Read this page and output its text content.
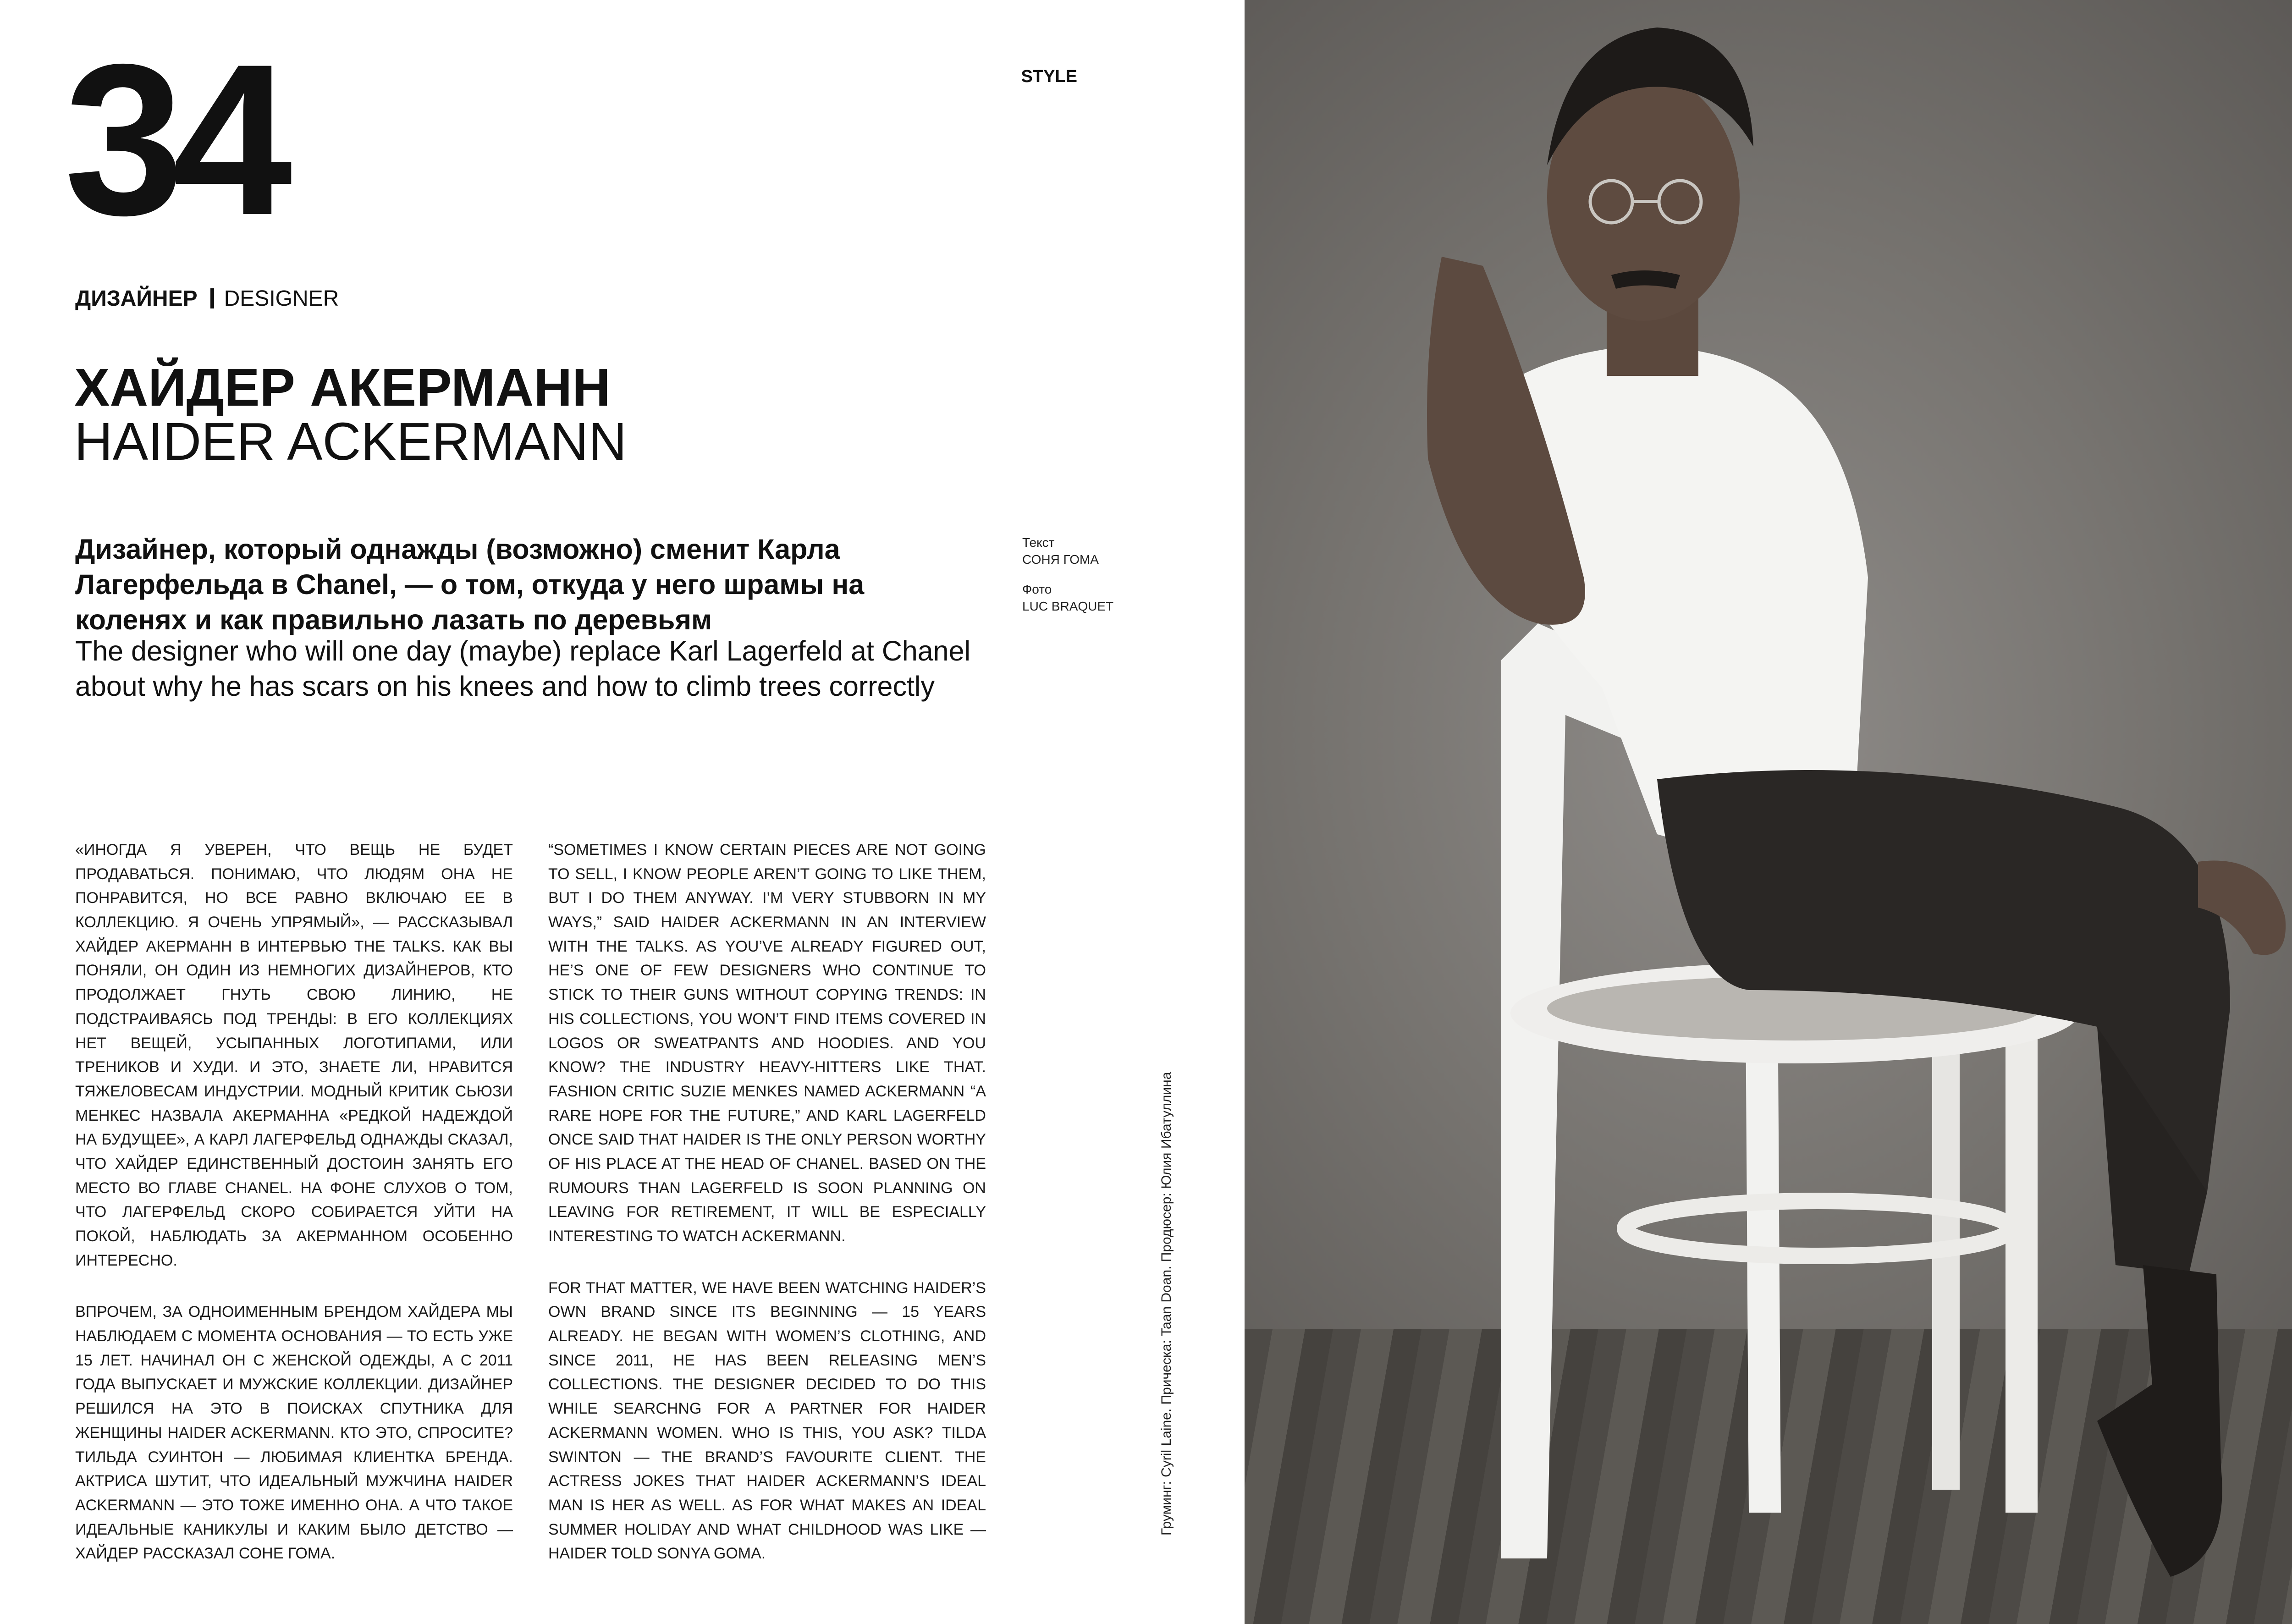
34	STYLE
ДИЗАЙНЕР DESIGNER
ХАЙДЕР АКЕРМАНН
HAIDER ACKERMANN

Дизайнер, который однажды (возможно) сменит Карла Лагерфельда в Chanel, — о том, откуда у него шрамы на коленях и как правильно лазать по деревьям

The designer who will one day (maybe) replace Karl Lagerfeld at Chanel about why he has scars on his knees and how to climb trees correctly

Текст
СОНЯ ГОМА
Фото
LUC BRAQUET

«ИНОГДА Я УВЕРЕН, ЧТО ВЕЩЬ НЕ БУДЕТ ПРОДАВАТЬСЯ. ПОНИМАЮ, ЧТО ЛЮДЯМ ОНА НЕ ПОНРАВИТСЯ, НО ВСЕ РАВНО ВКЛЮЧАЮ ЕЕ В КОЛЛЕКЦИЮ. Я ОЧЕНЬ УПРЯМЫЙ», — РАССКАЗЫВАЛ ХАЙДЕР АКЕРМАНН В ИНТЕРВЬЮ THE TALKS. КАК ВЫ ПОНЯЛИ, ОН ОДИН ИЗ НЕМНОГИХ ДИЗАЙНЕРОВ, КТО ПРОДОЛЖАЕТ ГНУТЬ СВОЮ ЛИНИЮ, НЕ ПОДСТРАИВАЯСЬ ПОД ТРЕНДЫ: В ЕГО КОЛЛЕКЦИЯХ НЕТ ВЕЩЕЙ, УСЫПАННЫХ ЛОГОТИПАМИ, ИЛИ ТРЕНИКОВ И ХУДИ. И ЭТО, ЗНАЕТЕ ЛИ, НРАВИТСЯ ТЯЖЕЛОВЕСАМ ИНДУСТРИИ. МОДНЫЙ КРИТИК СЬЮЗИ МЕНКЕС НАЗВАЛА АКЕРМАННА «РЕДКОЙ НАДЕЖДОЙ НА БУДУЩЕЕ», А КАРЛ ЛАГЕРФЕЛЬД ОДНАЖДЫ СКАЗАЛ, ЧТО ХАЙДЕР ЕДИНСТВЕННЫЙ ДОСТОИН ЗАНЯТЬ ЕГО МЕСТО ВО ГЛАВЕ CHANEL. НА ФОНЕ СЛУХОВ О ТОМ, ЧТО ЛАГЕРФЕЛЬД СКОРО СОБИРАЕТСЯ УЙТИ НА ПОКОЙ, НАБЛЮДАТЬ ЗА АКЕРМАННОМ ОСОБЕННО ИНТЕРЕСНО.

ВПРОЧЕМ, ЗА ОДНОИМЕННЫМ БРЕНДОМ ХАЙДЕРА МЫ НАБЛЮДАЕМ С МОМЕНТА ОСНОВАНИЯ — ТО ЕСТЬ УЖЕ 15 ЛЕТ. НАЧИНАЛ ОН С ЖЕНСКОЙ ОДЕЖДЫ, А С 2011 ГОДА ВЫПУСКАЕТ И МУЖСКИЕ КОЛЛЕКЦИИ. ДИЗАЙНЕР РЕШИЛСЯ НА ЭТО В ПОИСКАХ СПУТНИКА ДЛЯ ЖЕНЩИНЫ HAIDER ACKERMANN. КТО ЭТО, СПРОСИТЕ? ТИЛЬДА СУИНТОН — ЛЮБИМАЯ КЛИЕНТКА БРЕНДА. АКТРИСА ШУТИТ, ЧТО ИДЕАЛЬНЫЙ МУЖЧИНА HAIDER ACKERMANN — ЭТО ТОЖЕ ИМЕННО ОНА. А ЧТО ТАКОЕ ИДЕАЛЬНЫЕ КАНИКУЛЫ И КАКИМ БЫЛО ДЕТСТВО — ХАЙДЕР РАССКАЗАЛ СОНЕ ГОМА.

“SOMETIMES I KNOW CERTAIN PIECES ARE NOT GOING TO SELL, I KNOW PEOPLE AREN’T GOING TO LIKE THEM, BUT I DO THEM ANYWAY. I’M VERY STUBBORN IN MY WAYS,” SAID HAIDER ACKERMANN IN AN INTERVIEW WITH THE TALKS. AS YOU’VE ALREADY FIGURED OUT, HE’S ONE OF FEW DESIGNERS WHO CONTINUE TO STICK TO THEIR GUNS WITHOUT COPYING TRENDS: IN HIS COLLECTIONS, YOU WON’T FIND ITEMS COVERED IN LOGOS OR SWEATPANTS AND HOODIES. AND YOU KNOW? THE INDUSTRY HEAVY-HITTERS LIKE THAT. FASHION CRITIC SUZIE MENKES NAMED ACKERMANN “A RARE HOPE FOR THE FUTURE,” AND KARL LAGERFELD ONCE SAID THAT HAIDER IS THE ONLY PERSON WORTHY OF HIS PLACE AT THE HEAD OF CHANEL. BASED ON THE RUMOURS THAN LAGERFELD IS SOON PLANNING ON LEAVING FOR RETIREMENT, IT WILL BE ESPECIALLY INTERESTING TO WATCH ACKERMANN.

FOR THAT MATTER, WE HAVE BEEN WATCHING HAIDER’S OWN BRAND SINCE ITS BEGINNING — 15 YEARS ALREADY. HE BEGAN WITH WOMEN’S CLOTHING, AND SINCE 2011, HE HAS BEEN RELEASING MEN’S COLLECTIONS. THE DESIGNER DECIDED TO DO THIS WHILE SEARCHNG FOR A PARTNER FOR HAIDER ACKERMANN WOMEN. WHO IS THIS, YOU ASK? TILDA SWINTON — THE BRAND’S FAVOURITE CLIENT. THE ACTRESS JOKES THAT HAIDER ACKERMANN’S IDEAL MAN IS HER AS WELL. AS FOR WHAT MAKES AN IDEAL SUMMER HOLIDAY AND WHAT CHILDHOOD WAS LIKE — HAIDER TOLD SONYA GOMA.

Груминг: Cyril Laine. Прическа: Taan Doan. Продюсер: Юлия Ибатуллина
